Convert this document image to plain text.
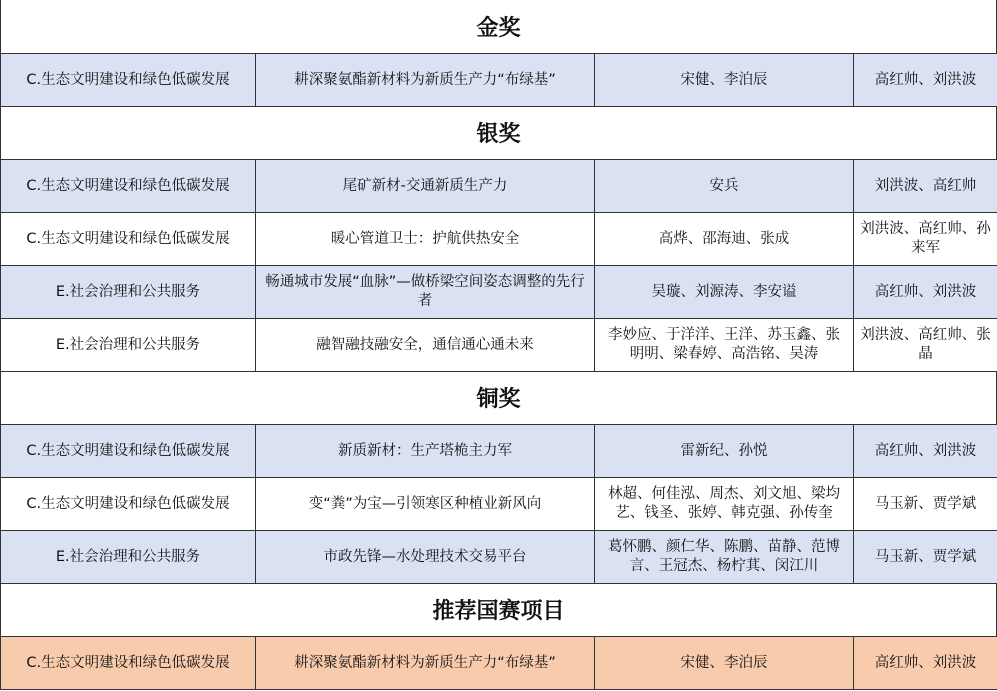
金奖
C.生态文明建设和绿色低碳发展	耕深聚氨酯新材料为新质生产力“布绿基”	宋健、李泊辰	高红帅、刘洪波
银奖
C.生态文明建设和绿色低碳发展	尾矿新材-交通新质生产力	安兵	刘洪波、高红帅
C.生态文明建设和绿色低碳发展	暖心管道卫士：护航供热安全	高烨、邵海迪、张成	刘洪波、高红帅、孙来军
E.社会治理和公共服务	畅通城市发展“血脉”—做桥梁空间姿态调整的先行者	吴璇、刘源涛、李安谥	高红帅、刘洪波
E.社会治理和公共服务	融智融技融安全，通信通心通未来	李妙应、于洋洋、王洋、苏玉鑫、张明明、梁春婷、高浩铭、吴涛	刘洪波、高红帅、张晶
铜奖
C.生态文明建设和绿色低碳发展	新质新材：生产塔桅主力军	雷新纪、孙悦	高红帅、刘洪波
C.生态文明建设和绿色低碳发展	变“粪”为宝—引领寒区种植业新风向	林超、何佳泓、周杰、刘文旭、梁均艺、钱圣、张婷、韩克强、孙传奎	马玉新、贾学斌
E.社会治理和公共服务	市政先锋—水处理技术交易平台	葛怀鹏、颜仁华、陈鹏、苗静、范博言、王冠杰、杨柠萁、闵江川	马玉新、贾学斌
推荐国赛项目
C.生态文明建设和绿色低碳发展	耕深聚氨酯新材料为新质生产力“布绿基”	宋健、李泊辰	高红帅、刘洪波
